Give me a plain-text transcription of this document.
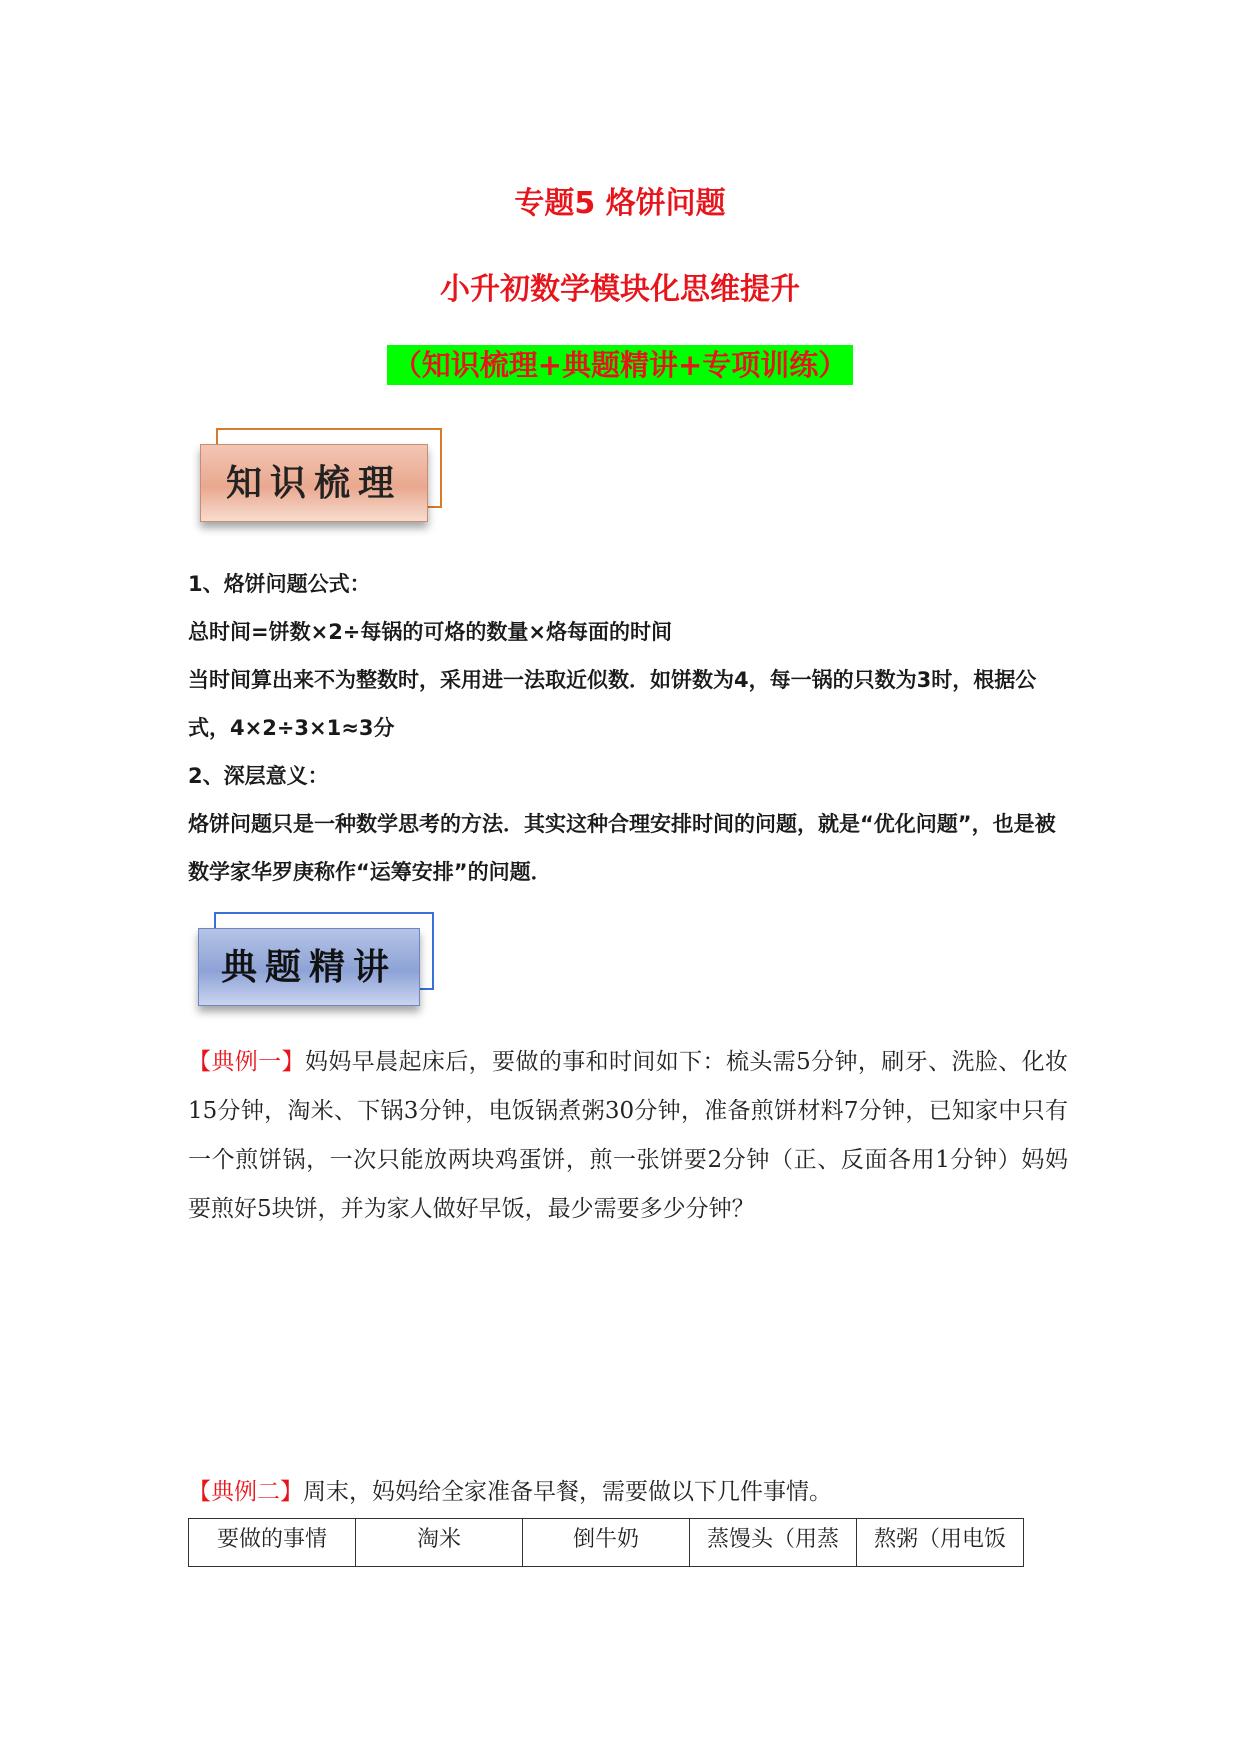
专题5 烙饼问题
小升初数学模块化思维提升
（知识梳理+典题精讲+专项训练）
知识梳理

1、烙饼问题公式：

总时间=饼数×2÷每锅的可烙的数量×烙每面的时间

当时间算出来不为整数时，采用进一法取近似数．如饼数为4，每一锅的只数为3时，根据公式，4×2÷3×1≈3分

2、深层意义：

烙饼问题只是一种数学思考的方法．其实这种合理安排时间的问题，就是“优化问题”，也是被数学家华罗庚称作“运筹安排”的问题．

典题精讲
【典例一】妈妈早晨起床后，要做的事和时间如下：梳头需5分钟，刷牙、洗脸、化妆15分钟，淘米、下锅3分钟，电饭锅煮粥30分钟，准备煎饼材料7分钟，已知家中只有一个煎饼锅，一次只能放两块鸡蛋饼，煎一张饼要2分钟（正、反面各用1分钟）妈妈要煎好5块饼，并为家人做好早饭，最少需要多少分钟？
【典例二】周末，妈妈给全家准备早餐，需要做以下几件事情。
要做的事情	淘米	倒牛奶	蒸馒头（用蒸	熬粥（用电饭
